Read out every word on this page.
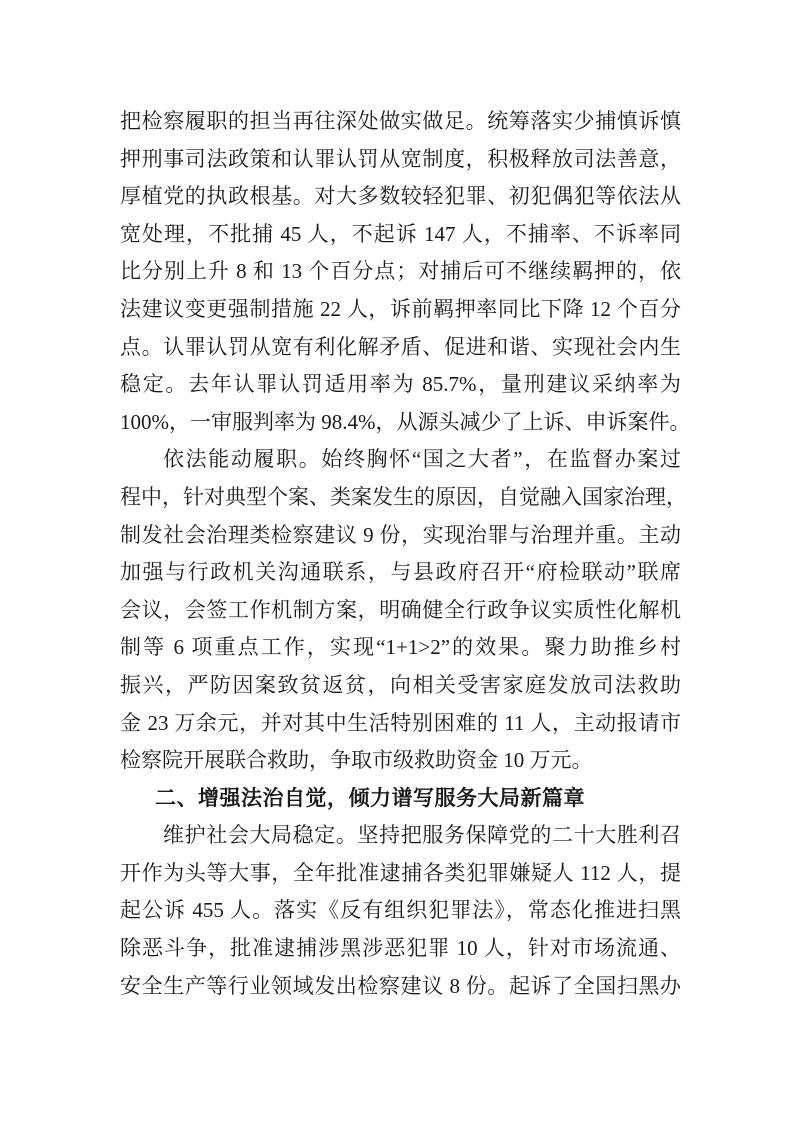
把检察履职的担当再往深处做实做足。统筹落实少捕慎诉慎
押刑事司法政策和认罪认罚从宽制度，积极释放司法善意，
厚植党的执政根基。对大多数较轻犯罪、初犯偶犯等依法从
宽处理，不批捕 45 人，不起诉 147 人，不捕率、不诉率同
比分别上升 8 和 13 个百分点；对捕后可不继续羁押的，依
法建议变更强制措施 22 人，诉前羁押率同比下降 12 个百分
点。认罪认罚从宽有利化解矛盾、促进和谐、实现社会内生
稳定。去年认罪认罚适用率为 85.7%，量刑建议采纳率为
100%，一审服判率为 98.4%，从源头减少了上诉、申诉案件。
依法能动履职。始终胸怀“国之大者”，在监督办案过
程中，针对典型个案、类案发生的原因，自觉融入国家治理，
制发社会治理类检察建议 9 份，实现治罪与治理并重。主动
加强与行政机关沟通联系，与县政府召开“府检联动”联席
会议，会签工作机制方案，明确健全行政争议实质性化解机
制等 6 项重点工作，实现“1+1>2”的效果。聚力助推乡村
振兴，严防因案致贫返贫，向相关受害家庭发放司法救助
金 23 万余元，并对其中生活特别困难的 11 人，主动报请市
检察院开展联合救助，争取市级救助资金 10 万元。
二、增强法治自觉，倾力谱写服务大局新篇章
维护社会大局稳定。坚持把服务保障党的二十大胜利召
开作为头等大事，全年批准逮捕各类犯罪嫌疑人 112 人，提
起公诉 455 人。落实《反有组织犯罪法》，常态化推进扫黑
除恶斗争，批准逮捕涉黑涉恶犯罪 10 人，针对市场流通、
安全生产等行业领域发出检察建议 8 份。起诉了全国扫黑办
